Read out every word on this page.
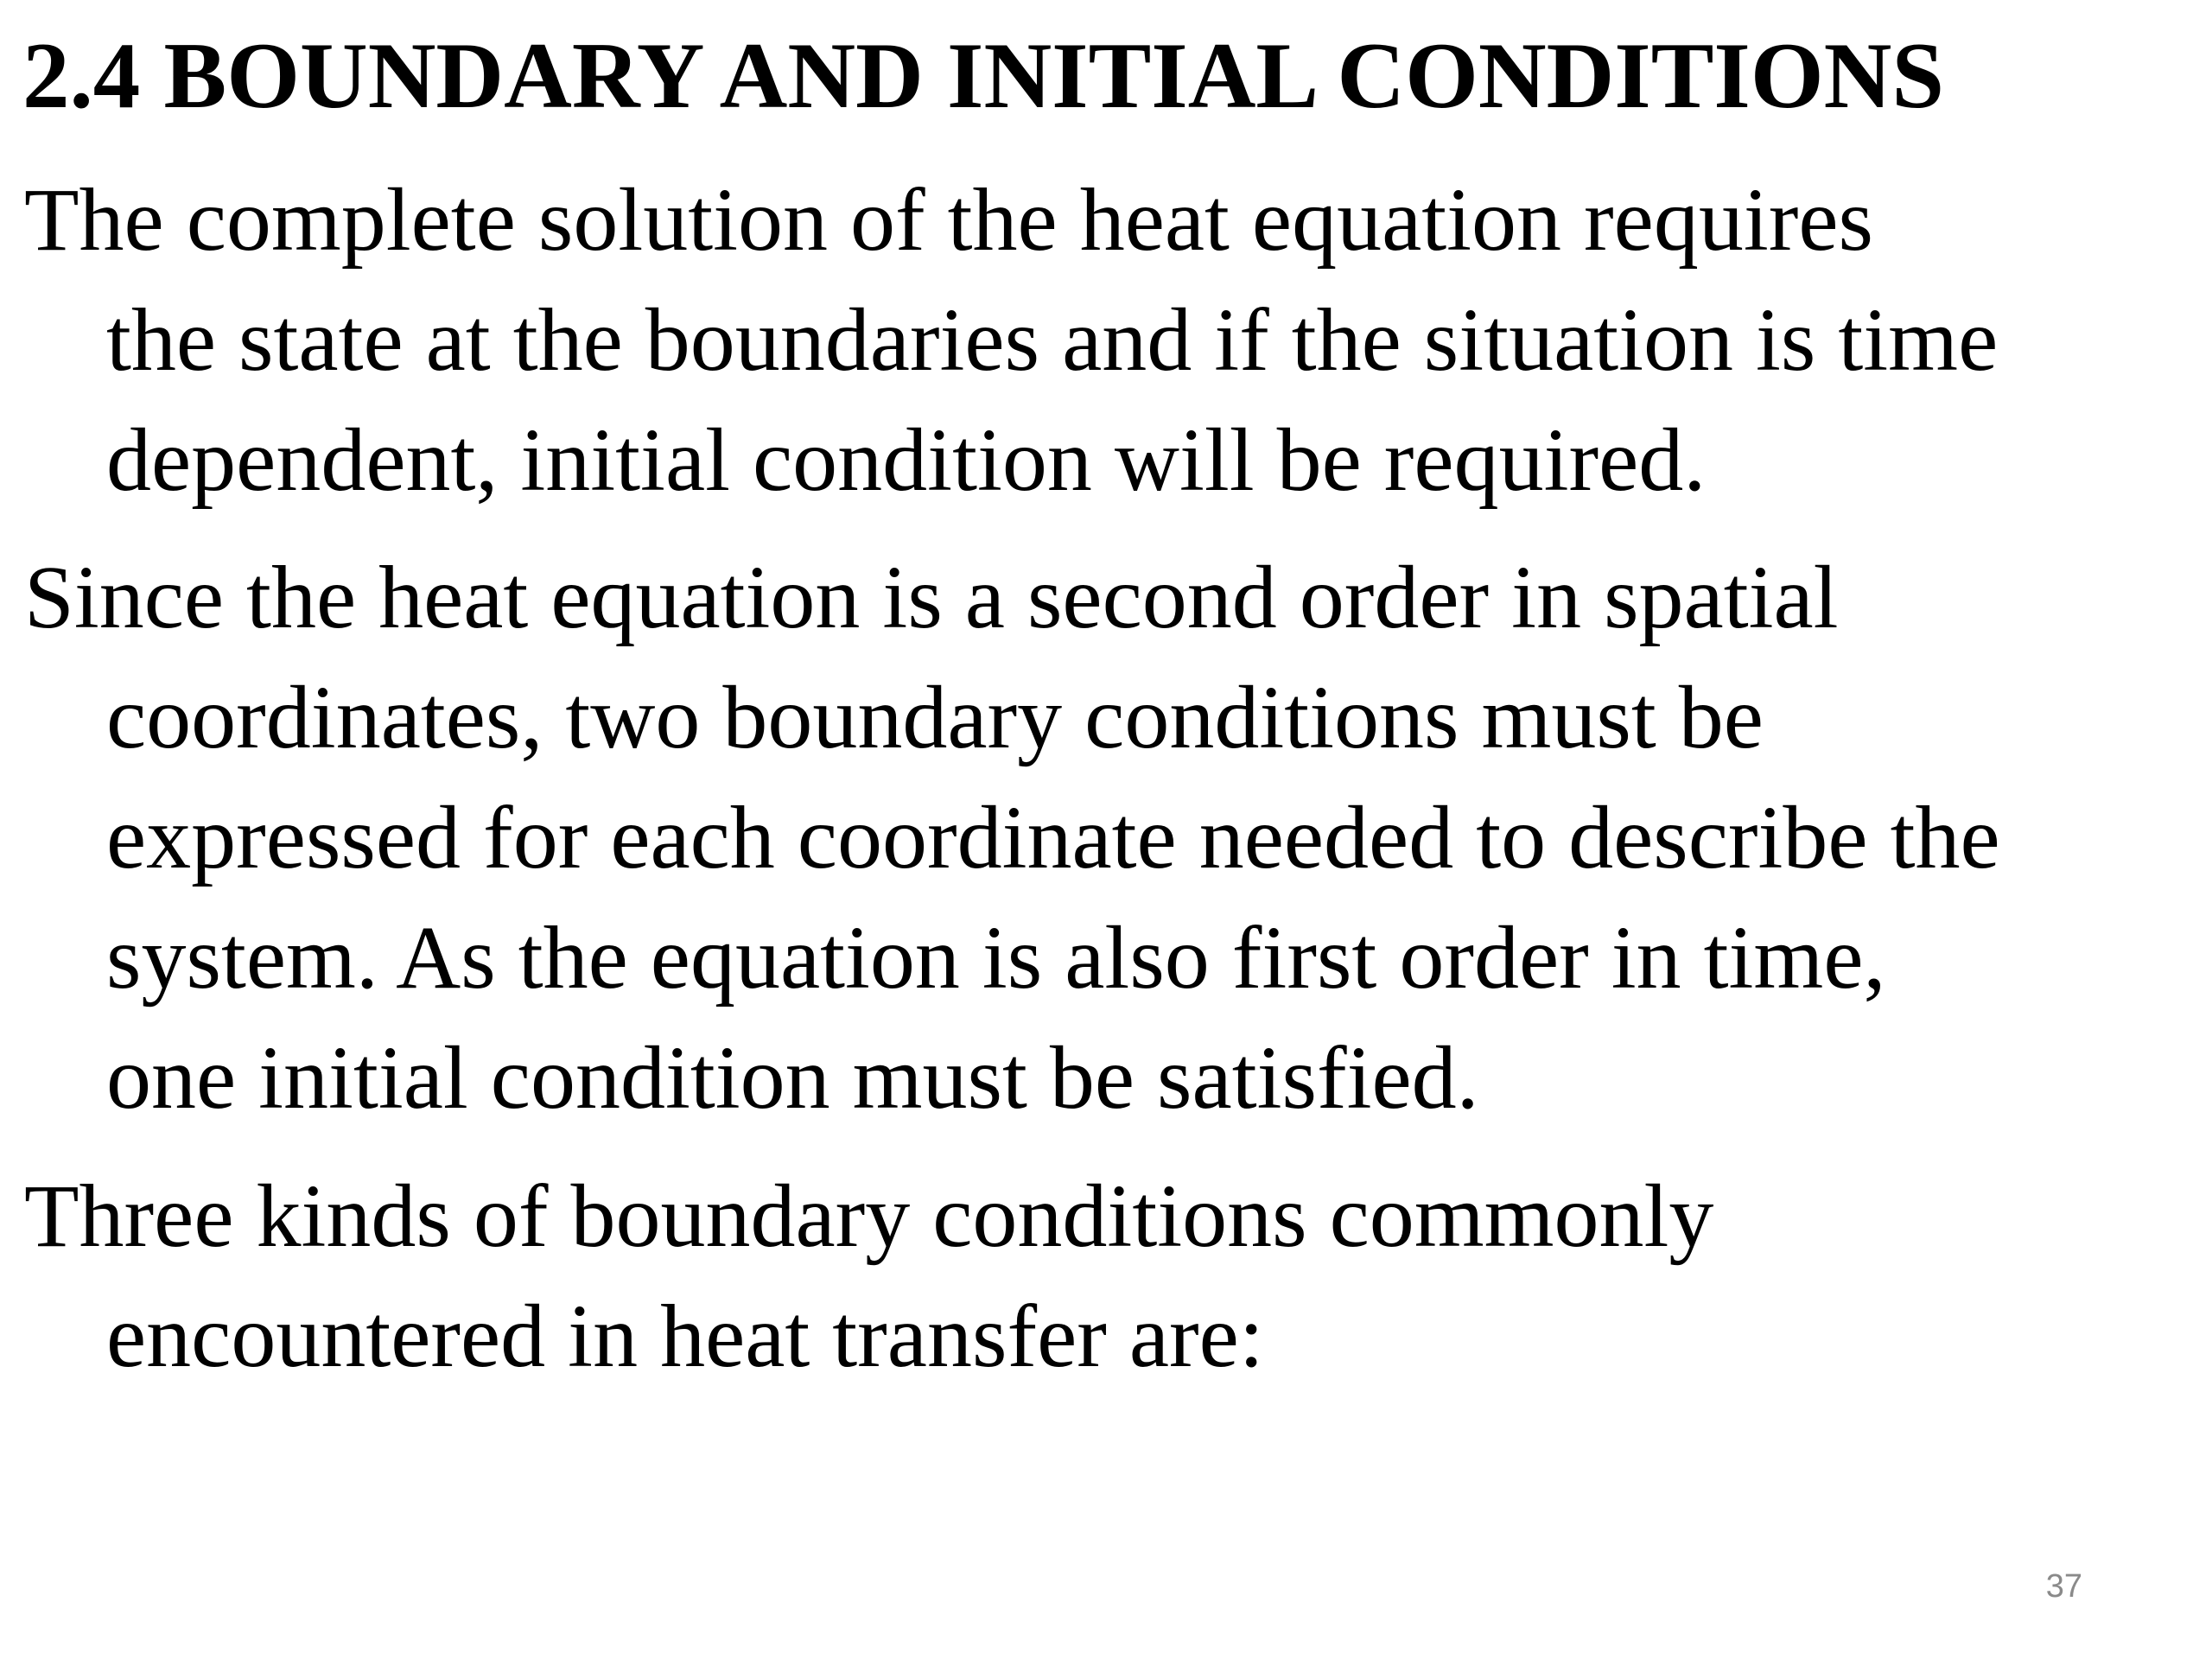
2.4 BOUNDARY AND INITIAL CONDITIONS

The complete solution of the heat equation requires
the state at the boundaries and if the situation is time
dependent, initial condition will be required.

Since the heat equation is a second order in spatial
coordinates, two boundary conditions must be
expressed for each coordinate needed to describe the
system. As the equation is also first order in time,
one initial condition must be satisfied.

Three kinds of boundary conditions commonly
encountered in heat transfer are:

37
